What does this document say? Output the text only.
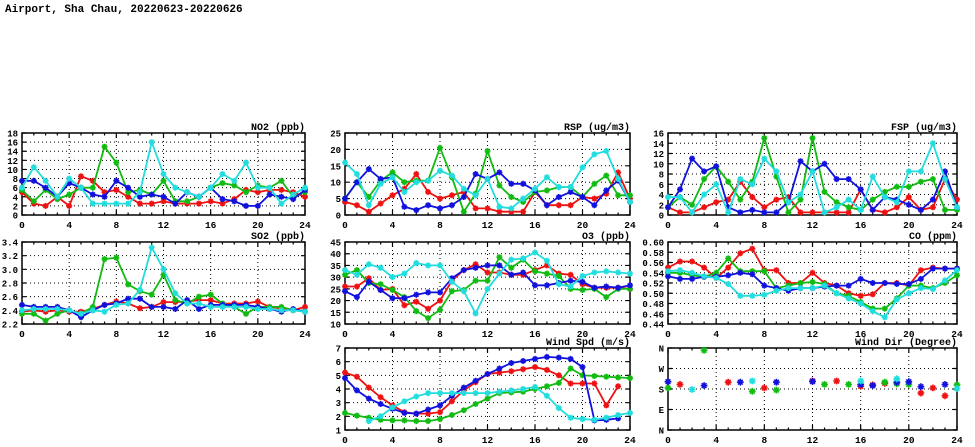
Airport, Sha Chau, 20220623-20220626
0
2
4
6
8
10
12
14
16
18
0	4	8	12	16	20	24
NO2 (ppb)
0
5
10
15
20
25
0	4	8	12	16	20	24
RSP (ug/m3)
0
2
4
6
8
10
12
14
16
0	4	8	12	16	20	24
FSP (ug/m3)
2.2
2.4
2.6
2.8
3.0
3.2
3.4
0	4	8	12	16	20	24
SO2 (ppb)
10
15
20
25
30
35
40
45
0	4	8	12	16	20	24
O3 (ppb)
0.44
0.46
0.48
0.50
0.52
0.54
0.56
0.58
0.60
0	4	8	12	16	20	24
CO (ppm)
1
2
3
4
5
6
7
0	4	8	12	16	20	24
Wind Spd (m/s)
N
E
S
W
N
0	4	8	12	16	20	24
Wind Dir (Degree)
